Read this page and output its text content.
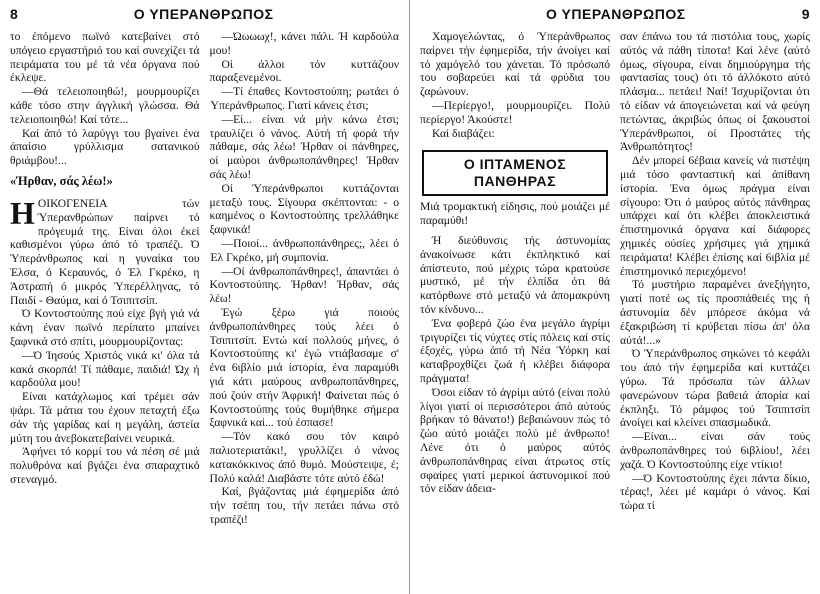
8	Ο ΥΠΕΡΑΝΘΡΩΠΟΣ

το έπόμενο πωϊνό κατεβαίνει στό υπόγειο εργαστήριό του καί συνεχίζει τά πειράματα του μέ τά νέα όργανα πού έκλεψε.

—Θά τελειοποιηθώ!, μουρμουρίζει κάθε τόσο στην άγγλική γλώσσα. Θά τελειοποιηθώ! Καί τότε...

Καί άπό τό λαρύγγι του βγαίνει ένα άπαίσιο γρύλλισμα σατανικού θριάμβου!...

«Ήρθαν, σάς λέω!»

ΗΟΙΚΟΓΕΝΕΙΑ τών Ύπερανθρώπων παίρνει τό πρόγευμά της. Είναι όλοι έκεί καθισμένοι γύρω άπό τό τραπέζι. Ό Ύπεράνθρωπος καί η γυναίκα του Έλσα, ό Κεραυνός, ό Έλ Γκρέκο, η Άστραπή ό μικρός Ύπερέλληνας, τό Παιδί - Θαύμα, καί ό Τσιπιτσίπ.

Ό Κοντοστούπης πού είχε βγή γιά νά κάνη έναν πωϊνό περίπατο μπαίνει ξαφνικά στό σπίτι, μουρμουρίζοντας:

—Ό Ίησούς Χριστός νικά κι' όλα τά κακά σκορπά! Τί πάθαμε, παιδιά! Ώχ ή καρδούλα μου!

Είναι κατάχλωμος καί τρέμει σάν ψάρι. Τά μάτια του έχουν πεταχτή έξω σάν τής γαρίδας καί η μεγάλη, άστεία μύτη του άνεβοκατεβαίνει νευρικά.

Άφήνει τό κορμί του νά πέση σέ μιά πολυθρόνα καί βγάζει ένα σπαραχτικό στεναγμό.

—Ώωωωχ!, κάνει πάλι. Ή καρδούλα μου!

Οί άλλοι τόν κυττάζουν παραξενεμένοι.

—Τί έπαθες Κοντοστούπη; ρωτάει ό Ύπεράνθρωπος. Γιατί κάνεις έτσι;

—Εί... είναι νά μήν κάνω έτσι; τραυλίζει ό νάνος. Αύτή τή φορά τήν πάθαμε, σάς λέω! Ήρθαν οί πάνθηρες, οί μαύροι άνθρωποπάνθηρες! Ήρθαν σάς λέω!

Οί Ύπεράνθρωποι κυττάζονται μεταξύ τους. Σίγουρα σκέπτονται: - ο καημένος ο Κοντοστούπης τρελλάθηκε ξαφνικά!

—Ποιοί... άνθρωποπάνθηρες;, λέει ό Έλ Γκρέκο, μή συμπονία.

—Οί άνθρωποπάνθηρες!, άπαντάει ό Κοντοστούπης. Ήρθαν! Ήρθαν, σάς λέω!

Έγώ ξέρω γιά ποιούς άνθρωποπάνθηρες τούς λέει ό Τσιπιτσίπ. Εντώ καί πολλούς μήνες, ό Κοντοστούπης κι' έγώ ντιάβασαμε σ' ένα 6ιβλίο μιά ίστορία, ένα παραμύθι γιά κάτι μαύρους ανθρωποπάνθηρες, πού ζούν στήν Άφρική! Φαίνεται πώς ό Κοντοστούπης τούς θυμήθηκε σήμερα ξαφνικά καί... τού έσπασε!

—Τόν κακό σου τόν καιρό παλιοτεριατάκι!, γρυλλίζει ό νάνος κατακόκκινος άπό θυμό. Μούστειψε, έ; Πολύ καλά! Διαβάστε τότε αύτό έδώ!

Καί, βγάζοντας μιά έφημερίδα άπό τήν τσέπη του, τήν πετάει πάνω στό τραπέζι!

Ο ΥΠΕΡΑΝΘΡΩΠΟΣ	9

Χαμογελώντας, ό Ύπεράνθρωπος παίρνει τήν έφημερίδα, τήν άνοίγει καί τό χαμόγελό του χάνεται. Τό πρόσωπό του σοβαρεύει καί τά φρύδια του ζαρώνουν.

—Περίεργο!, μουρμουρίζει. Πολύ περίεργο! Άκούστε!

Καί διαβάζει:

Ο ΙΠΤΑΜΕΝΟΣ
ΠΑΝΘΗΡΑΣ

Μιά τρομακτική είδησις, πού μοιάζει μέ παραμύθι!

Ή διεύθυνσις τής άστυνομίας άνακοίνωσε κάτι έκπληκτικό καί άπίστευτο, πού μέχρις τώρα κρατούσε μυστικό, μέ τήν έλπίδα ότι θά κατόρθωνε στό μεταξύ νά άπομακρύνη τόν κίνδυνο...

Ένα φοβερό ζώο ένα μεγάλο άγρίμι τριγυρίζει τίς νύχτες στίς πόλεις καί στίς έξοχές, γύρω άπό τή Νέα Ύόρκη καί καταβροχθίζει ζωά ή κλέβει διάφορα πράγματα!

Όσοι είδαν τό άγρίμι αύτό (είναι πολύ λίγοι γιατί οί περισσότεροι άπό αύτούς βρήκαν τό θάνατο!) βεβαιώνουν πώς τό ζώο αύτό μοιάζει πολύ μέ άνθρωπο! Λένε ότι ό μαύρος αύτός άνθρωποπάνθηρας είναι άτρωτος στίς σφαίρες γιατί μερικοί άστυνομικοί πού τόν είδαν άδεια-

σαν έπάνω του τά πιστόλια τους, χωρίς αύτός νά πάθη τίποτα! Καί λένε (αύτό όμως, σίγουρα, είναι δημιούργημα τής φαντασίας τους) ότι τό άλλόκοτο αύτό πλάσμα... πετάει! Ναί! Ίσχυρίζονται ότι τό είδαν νά άπογειώνεται καί νά φεύγη πετώντας, άκριβώς όπως οί ξακουστοί Ύπεράνθρωποι, οί Προστάτες τής Άνθρωπότητος!

Δέν μπορεί 6έβαια κανείς νά πιστέψη μιά τόσο φανταστική καί άπίθανη ίστορία. Ένα όμως πράγμα είναι σίγουρο: Ότι ό μαύρος αύτός πάνθηρας υπάρχει καί ότι κλέβει άποκλειστικά έπιστημονικά όργανα καί διάφορες χημικές ούσίες χρήσιμες γιά χημικά πειράματα! Κλέβει έπίσης καί 6ιβλία μέ έπιστημονικό περιεχόμενο!

Τό μυστήριο παραμένει άνεξήγητο, γιατί ποτέ ως τίς προσπάθειές της ή άστυνομία δέν μπόρεσε άκόμα νά έξακριβώση τί κρύβεται πίσω άπ' όλα αύτά!...»

Ό Ύπεράνθρωπος σηκώνει τό κεφάλι του άπό τήν έφημερίδα καί κυττάζει γύρω. Τά πρόσωπα τών άλλων φανερώνουν τώρα βαθειά άπορία καί έκπληξι. Τό ράμφος τού Τσιπιτσίπ άνοίγει καί κλείνει σπασμωδικά.

—Είναι... είναι σάν τούς άνθρωποπάνθηρες τού 6ιβλίου!, λέει χαζά. Ό Κοντοστούπης είχε ντίκιο!

—Ό Κοντοστούπης έχει πάντα δίκιο, τέρας!, λέει μέ καμάρι ό νάνος. Καί τώρα τί
